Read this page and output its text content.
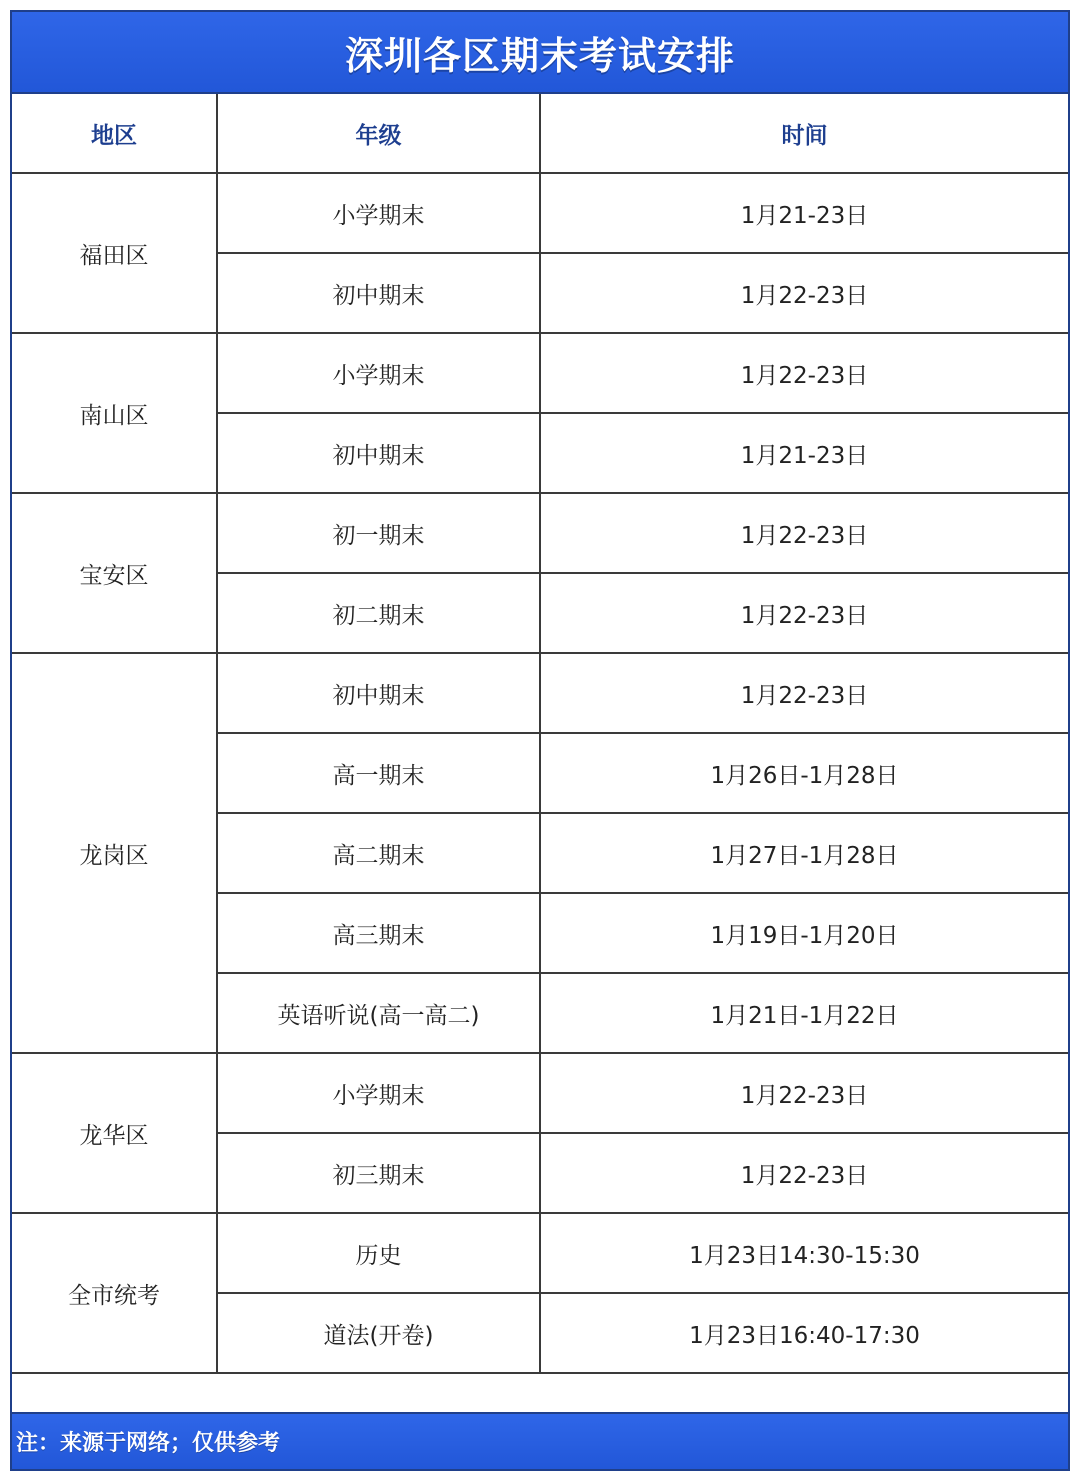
深圳各区期末考试安排
地区	年级	时间
福田区	小学期末	1月21-23日
	初中期末	1月22-23日
南山区	小学期末	1月22-23日
	初中期末	1月21-23日
宝安区	初一期末	1月22-23日
	初二期末	1月22-23日
龙岗区	初中期末	1月22-23日
	高一期末	1月26日-1月28日
	高二期末	1月27日-1月28日
	高三期末	1月19日-1月20日
	英语听说(高一高二)	1月21日-1月22日
龙华区	小学期末	1月22-23日
	初三期末	1月22-23日
全市统考	历史	1月23日14:30-15:30
	道法(开卷)	1月23日16:40-17:30
注：来源于网络；仅供参考
